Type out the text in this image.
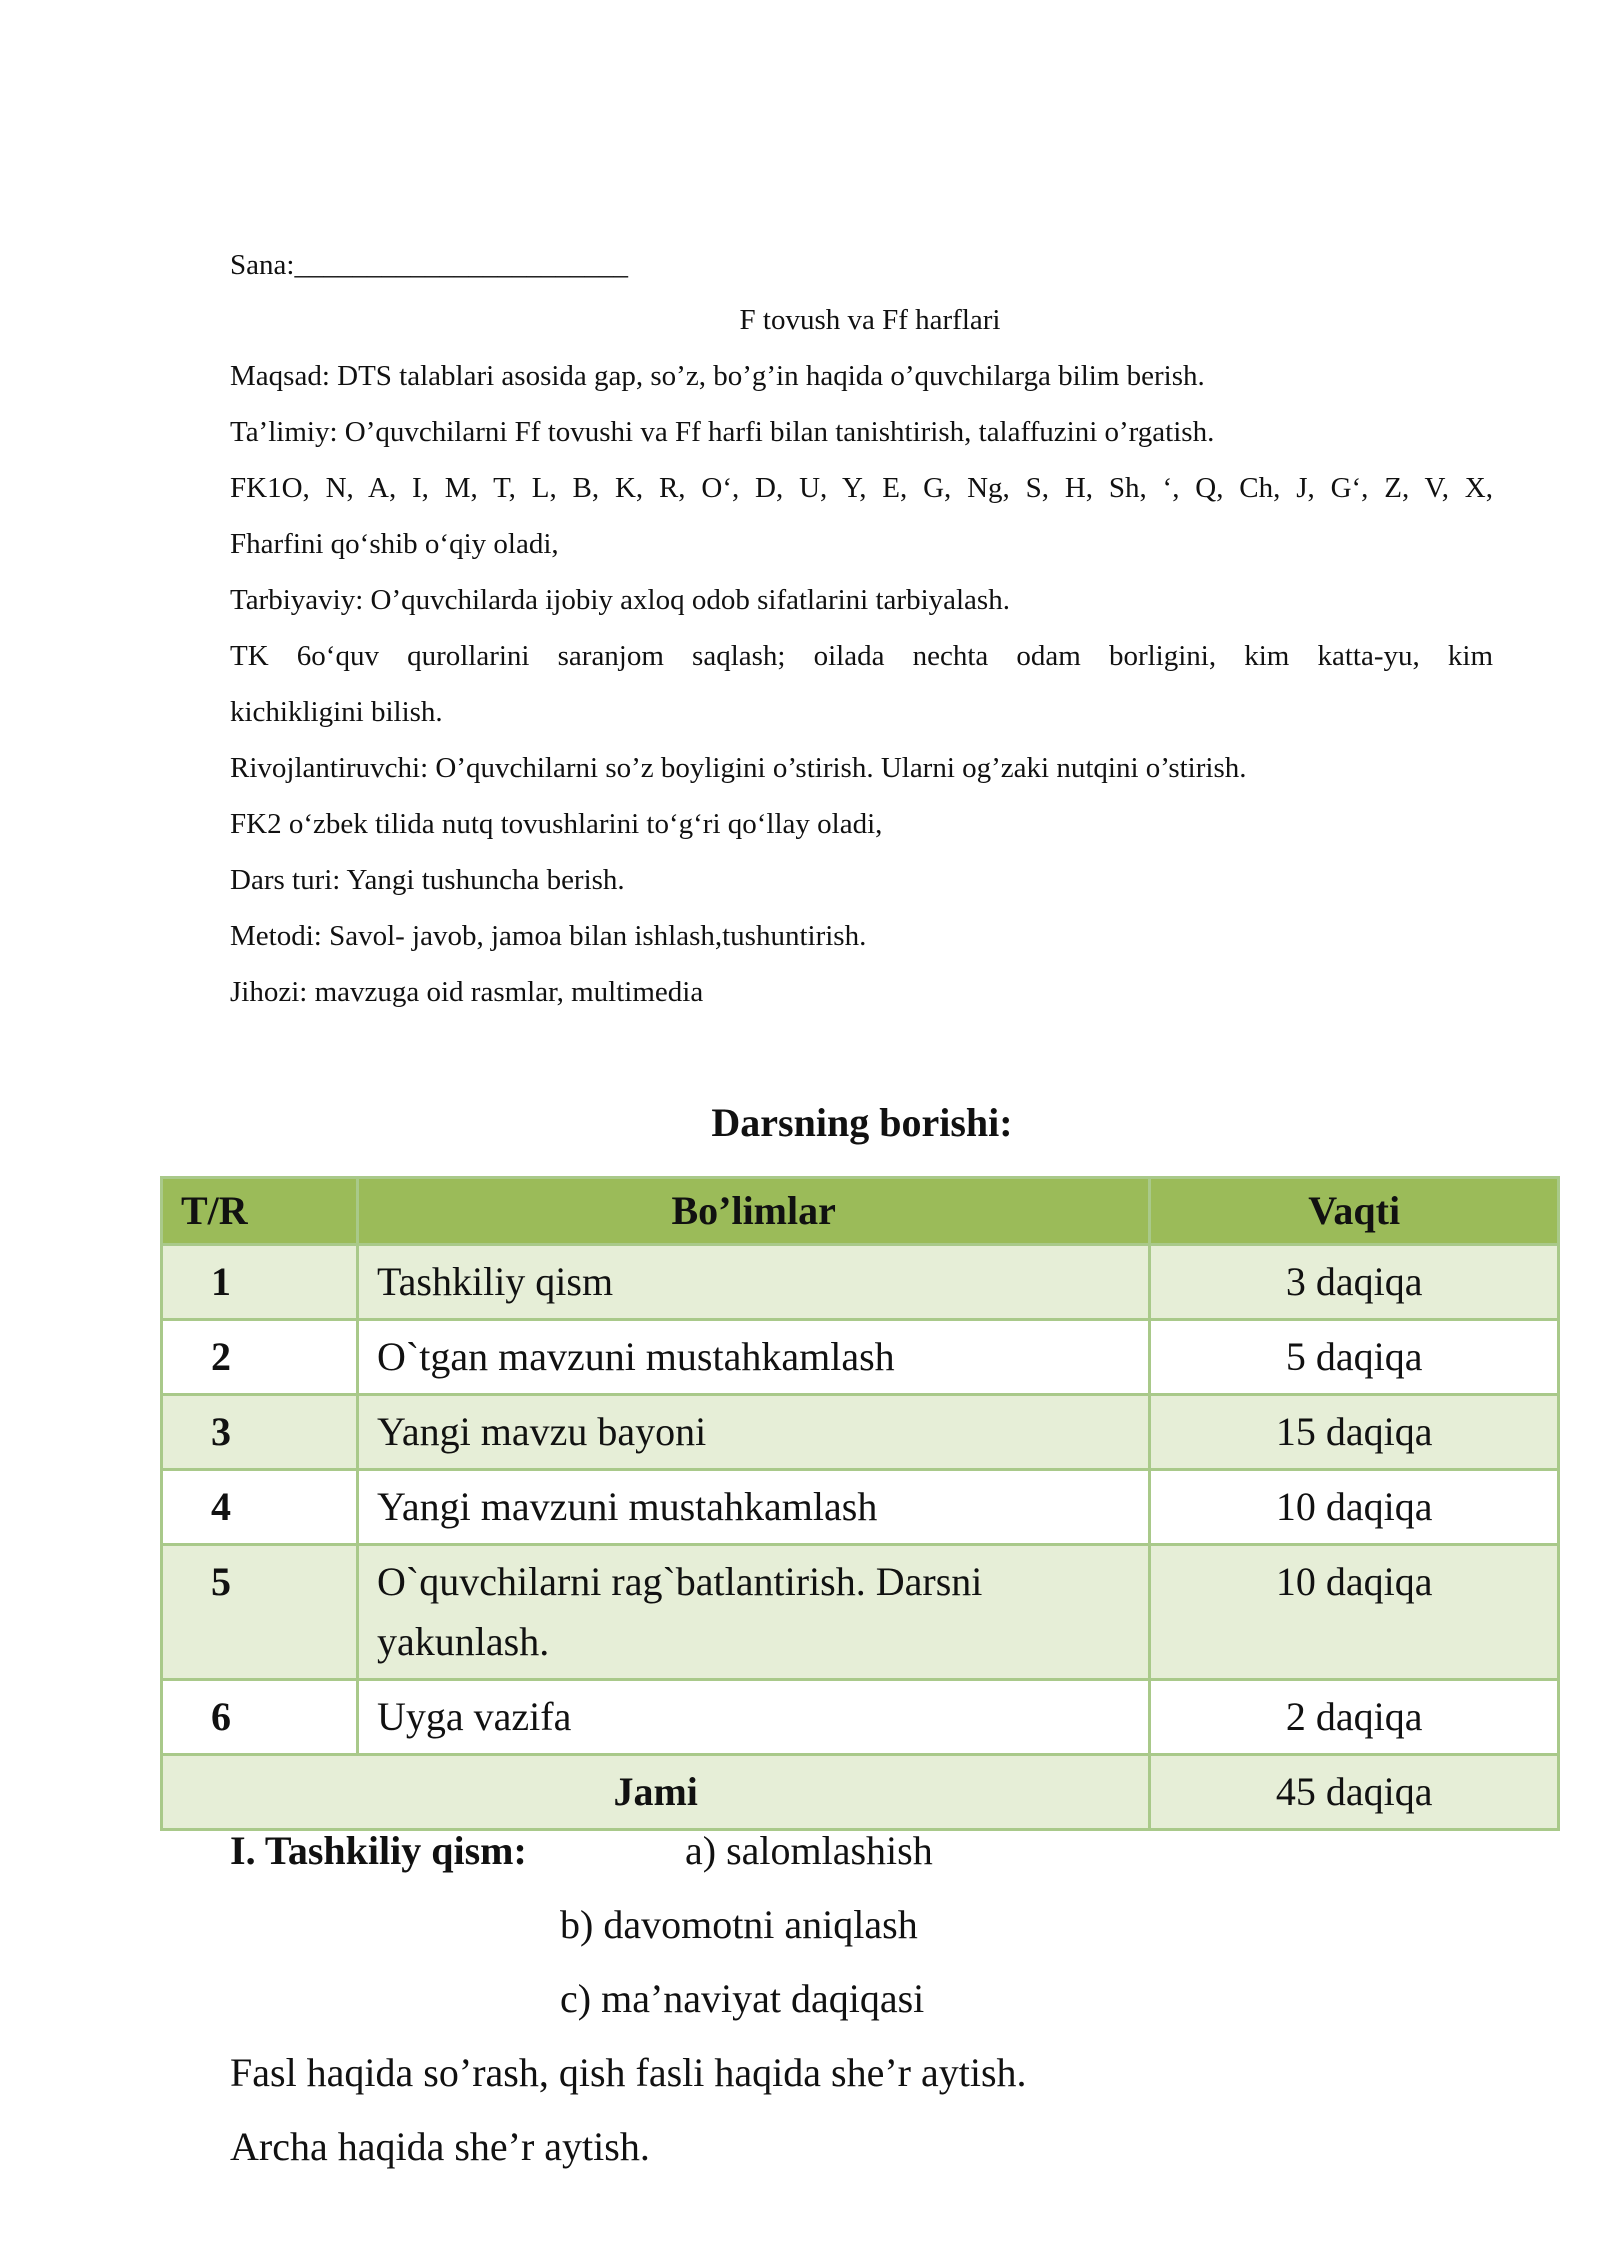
Sana:_______________________
F tovush va Ff harflari
Maqsad: DTS talablari asosida gap, so’z, bo’g’in haqida o’quvchilarga bilim berish.
Ta’limiy: O’quvchilarni Ff tovushi va Ff harfi bilan tanishtirish, talaffuzini o’rgatish.
FK1O, N, A, I, M, T, L, B, K, R, O‘, D, U, Y, E, G, Ng, S, H, Sh, ‘, Q, Ch, J, G‘, Z, V, X,
Fharfini qo‘shib o‘qiy oladi,
Tarbiyaviy: O’quvchilarda ijobiy axloq odob sifatlarini tarbiyalash.
TK 6o‘quv qurollarini saranjom saqlash; oilada nechta odam borligini, kim katta-yu, kim
kichikligini bilish.
Rivojlantiruvchi: O’quvchilarni so’z boyligini o’stirish. Ularni og’zaki nutqini o’stirish.
FK2 o‘zbek tilida nutq tovushlarini to‘g‘ri qo‘llay oladi,
Dars turi: Yangi tushuncha berish.
Metodi: Savol- javob, jamoa bilan ishlash,tushuntirish.
Jihozi: mavzuga oid rasmlar, multimedia
Darsning borishi:
T/R	Bo’limlar	Vaqti
1	Tashkiliy qism	3 daqiqa
2	O`tgan mavzuni mustahkamlash	5 daqiqa
3	Yangi mavzu bayoni	15 daqiqa
4	Yangi mavzuni mustahkamlash	10 daqiqa
5	O`quvchilarni rag`batlantirish. Darsni yakunlash.	10 daqiqa
6	Uyga vazifa	2 daqiqa
Jami		45 daqiqa
I. Tashkiliy qism:	a) salomlashish
b) davomotni aniqlash
c) ma’naviyat daqiqasi
Fasl haqida so’rash, qish fasli haqida she’r aytish.
Archa haqida she’r aytish.
